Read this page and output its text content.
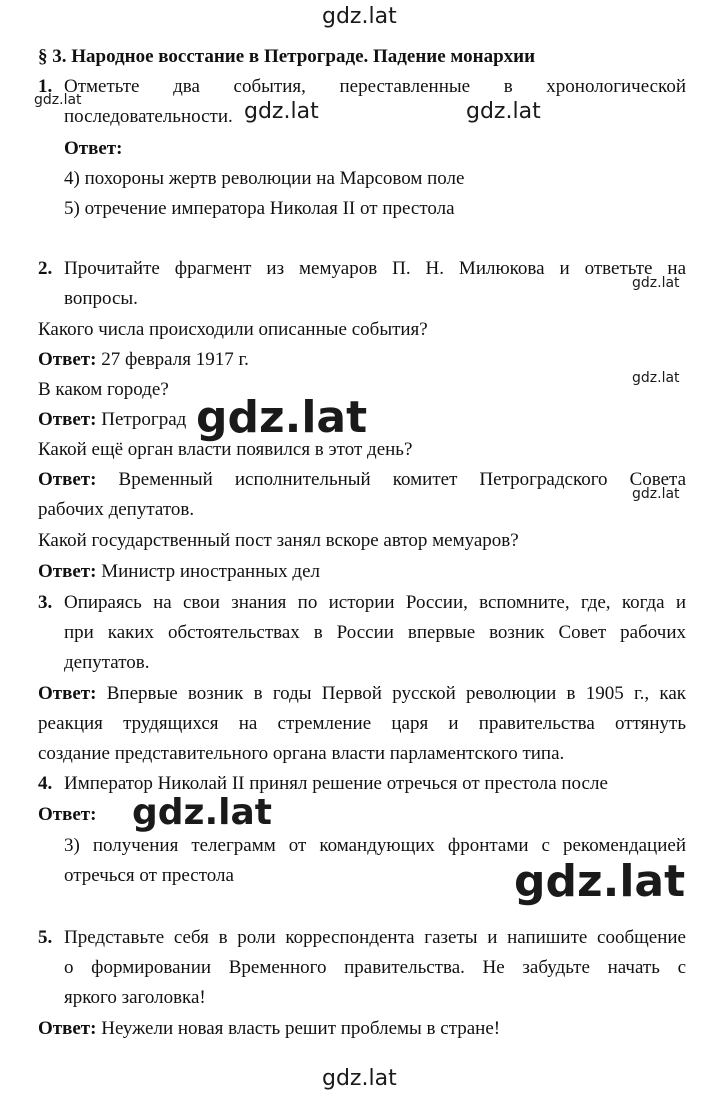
gdz.lat
gdz.lat	gdz.lat	gdz.lat
gdz.lat
gdz.lat
gdz.lat
gdz.lat
gdz.lat
gdz.lat
gdz.lat
§ 3. Народное восстание в Петрограде. Падение монархии
1. Отметьте два события, переставленные в хронологической
последовательности.
Ответ:
4) похороны жертв революции на Марсовом поле
5) отречение императора Николая II от престола
2. Прочитайте фрагмент из мемуаров П. Н. Милюкова и ответьте на
вопросы.
Какого числа происходили описанные события?
Ответ: 27 февраля 1917 г.
В каком городе?
Ответ: Петроград
Какой ещё орган власти появился в этот день?
Ответ: Временный исполнительный комитет Петроградского Совета
рабочих депутатов.
Какой государственный пост занял вскоре автор мемуаров?
Ответ: Министр иностранных дел
3. Опираясь на свои знания по истории России, вспомните, где, когда и
при каких обстоятельствах в России впервые возник Совет рабочих
депутатов.
Ответ: Впервые возник в годы Первой русской революции в 1905 г., как
реакция трудящихся на стремление царя и правительства оттянуть
создание представительного органа власти парламентского типа.
4. Император Николай II принял решение отречься от престола после
Ответ:
3) получения телеграмм от командующих фронтами с рекомендацией
отречься от престола
5. Представьте себя в роли корреспондента газеты и напишите сообщение
о формировании Временного правительства. Не забудьте начать с
яркого заголовка!
Ответ: Неужели новая власть решит проблемы в стране!
